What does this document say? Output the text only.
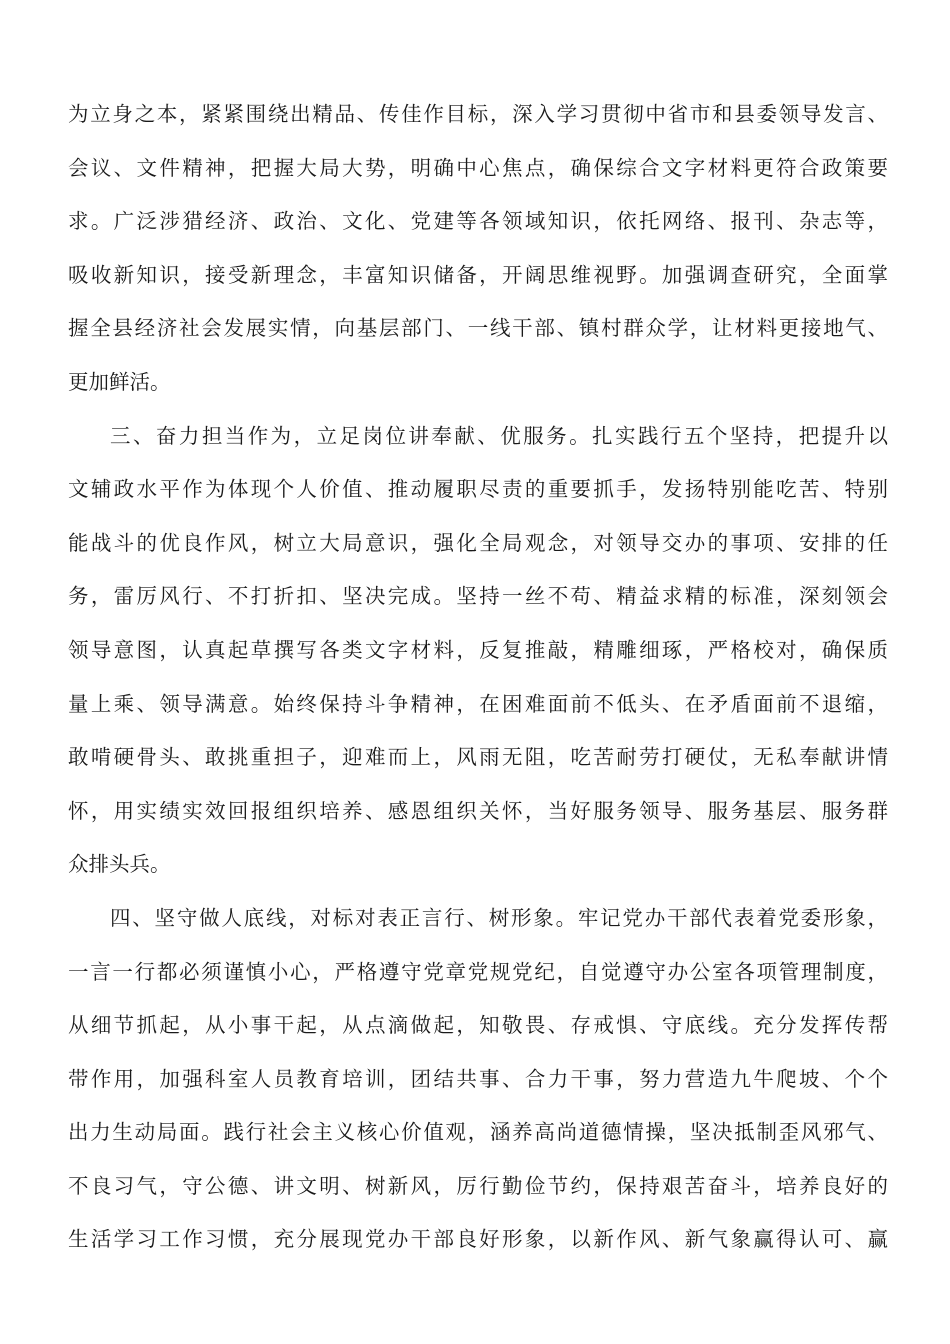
为立身之本，紧紧围绕出精品、传佳作目标，深入学习贯彻中省市和县委领导发言、
会议、文件精神，把握大局大势，明确中心焦点，确保综合文字材料更符合政策要
求。广泛涉猎经济、政治、文化、党建等各领域知识，依托网络、报刊、杂志等，
吸收新知识，接受新理念，丰富知识储备，开阔思维视野。加强调查研究，全面掌
握全县经济社会发展实情，向基层部门、一线干部、镇村群众学，让材料更接地气、
更加鲜活。
三、奋力担当作为，立足岗位讲奉献、优服务。扎实践行五个坚持，把提升以
文辅政水平作为体现个人价值、推动履职尽责的重要抓手，发扬特别能吃苦、特别
能战斗的优良作风，树立大局意识，强化全局观念，对领导交办的事项、安排的任
务，雷厉风行、不打折扣、坚决完成。坚持一丝不苟、精益求精的标准，深刻领会
领导意图，认真起草撰写各类文字材料，反复推敲，精雕细琢，严格校对，确保质
量上乘、领导满意。始终保持斗争精神，在困难面前不低头、在矛盾面前不退缩，
敢啃硬骨头、敢挑重担子，迎难而上，风雨无阻，吃苦耐劳打硬仗，无私奉献讲情
怀，用实绩实效回报组织培养、感恩组织关怀，当好服务领导、服务基层、服务群
众排头兵。
四、坚守做人底线，对标对表正言行、树形象。牢记党办干部代表着党委形象，
一言一行都必须谨慎小心，严格遵守党章党规党纪，自觉遵守办公室各项管理制度，
从细节抓起，从小事干起，从点滴做起，知敬畏、存戒惧、守底线。充分发挥传帮
带作用，加强科室人员教育培训，团结共事、合力干事，努力营造九牛爬坡、个个
出力生动局面。践行社会主义核心价值观，涵养高尚道德情操，坚决抵制歪风邪气、
不良习气，守公德、讲文明、树新风，厉行勤俭节约，保持艰苦奋斗，培养良好的
生活学习工作习惯，充分展现党办干部良好形象，以新作风、新气象赢得认可、赢
